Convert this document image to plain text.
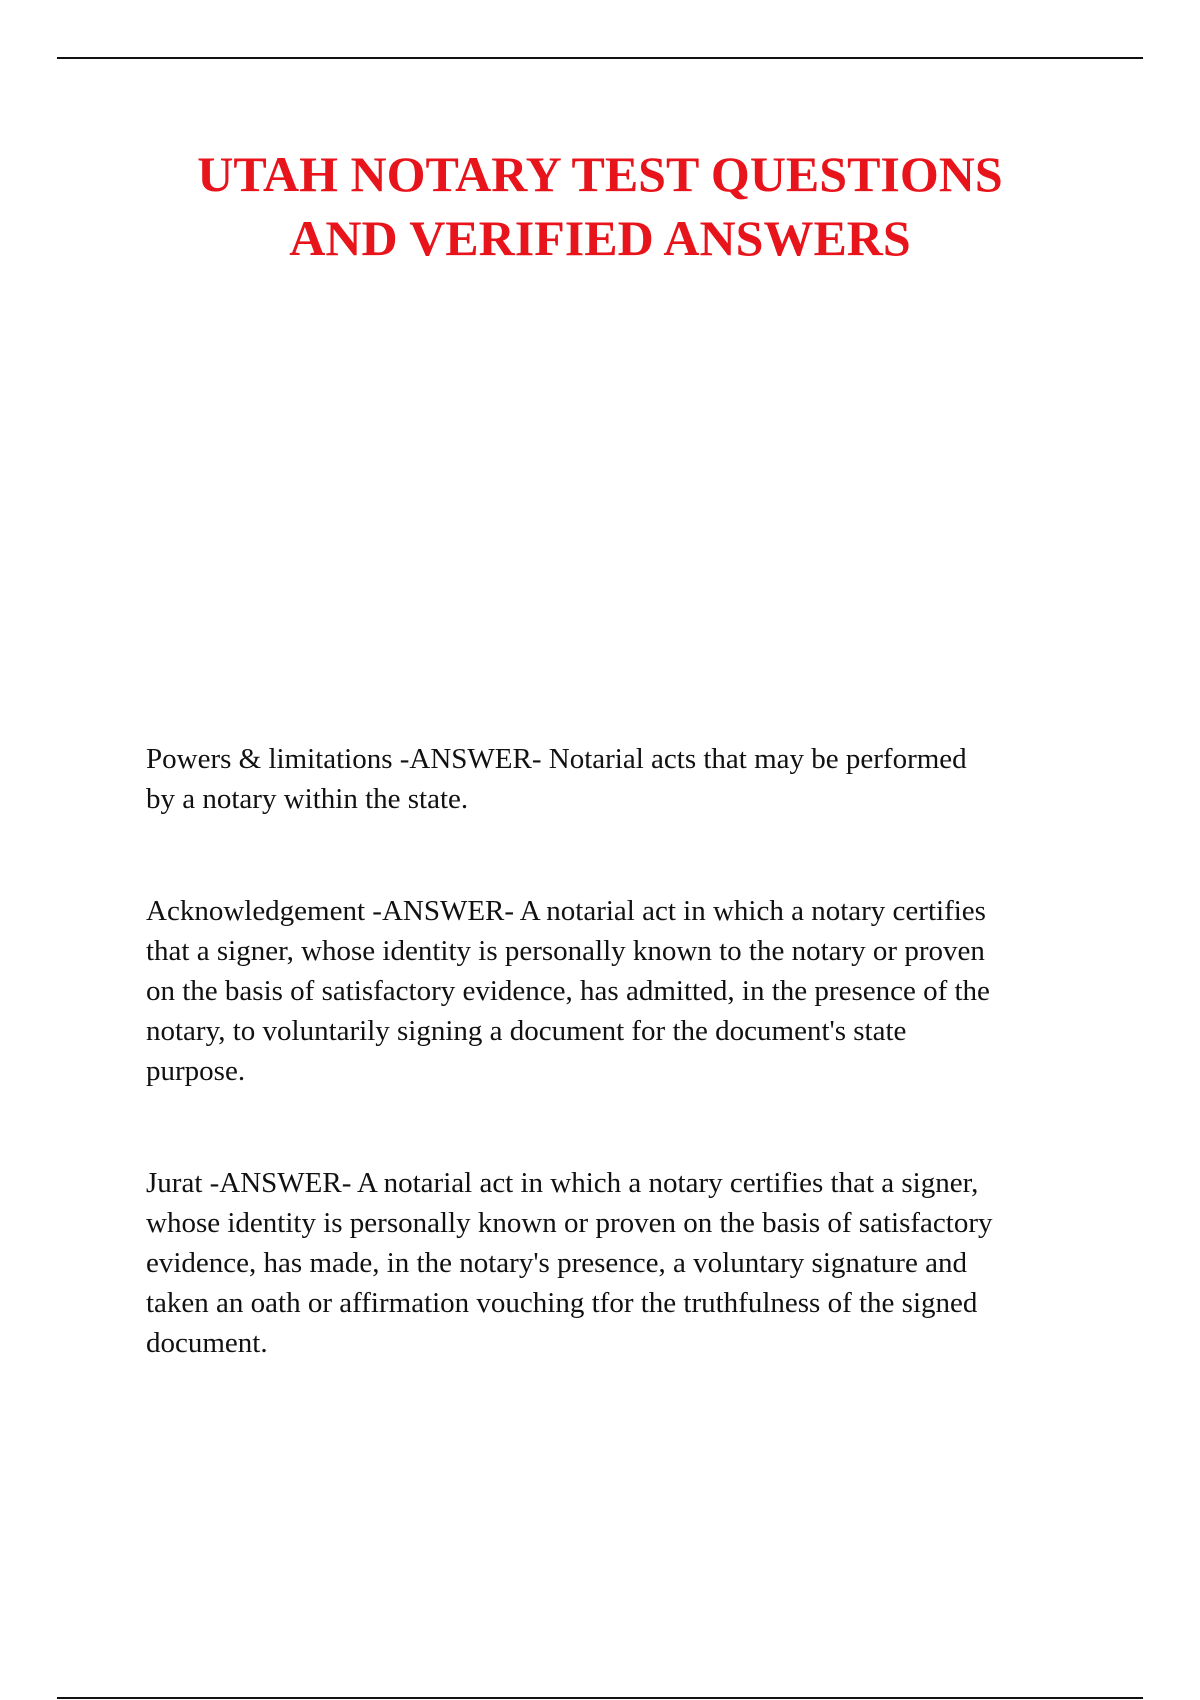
UTAH NOTARY TEST QUESTIONS
AND VERIFIED ANSWERS

Powers & limitations -ANSWER- Notarial acts that may be performed
by a notary within the state.

Acknowledgement -ANSWER- A notarial act in which a notary certifies
that a signer, whose identity is personally known to the notary or proven
on the basis of satisfactory evidence, has admitted, in the presence of the
notary, to voluntarily signing a document for the document's state
purpose.

Jurat -ANSWER- A notarial act in which a notary certifies that a signer,
whose identity is personally known or proven on the basis of satisfactory
evidence, has made, in the notary's presence, a voluntary signature and
taken an oath or affirmation vouching tfor the truthfulness of the signed
document.
